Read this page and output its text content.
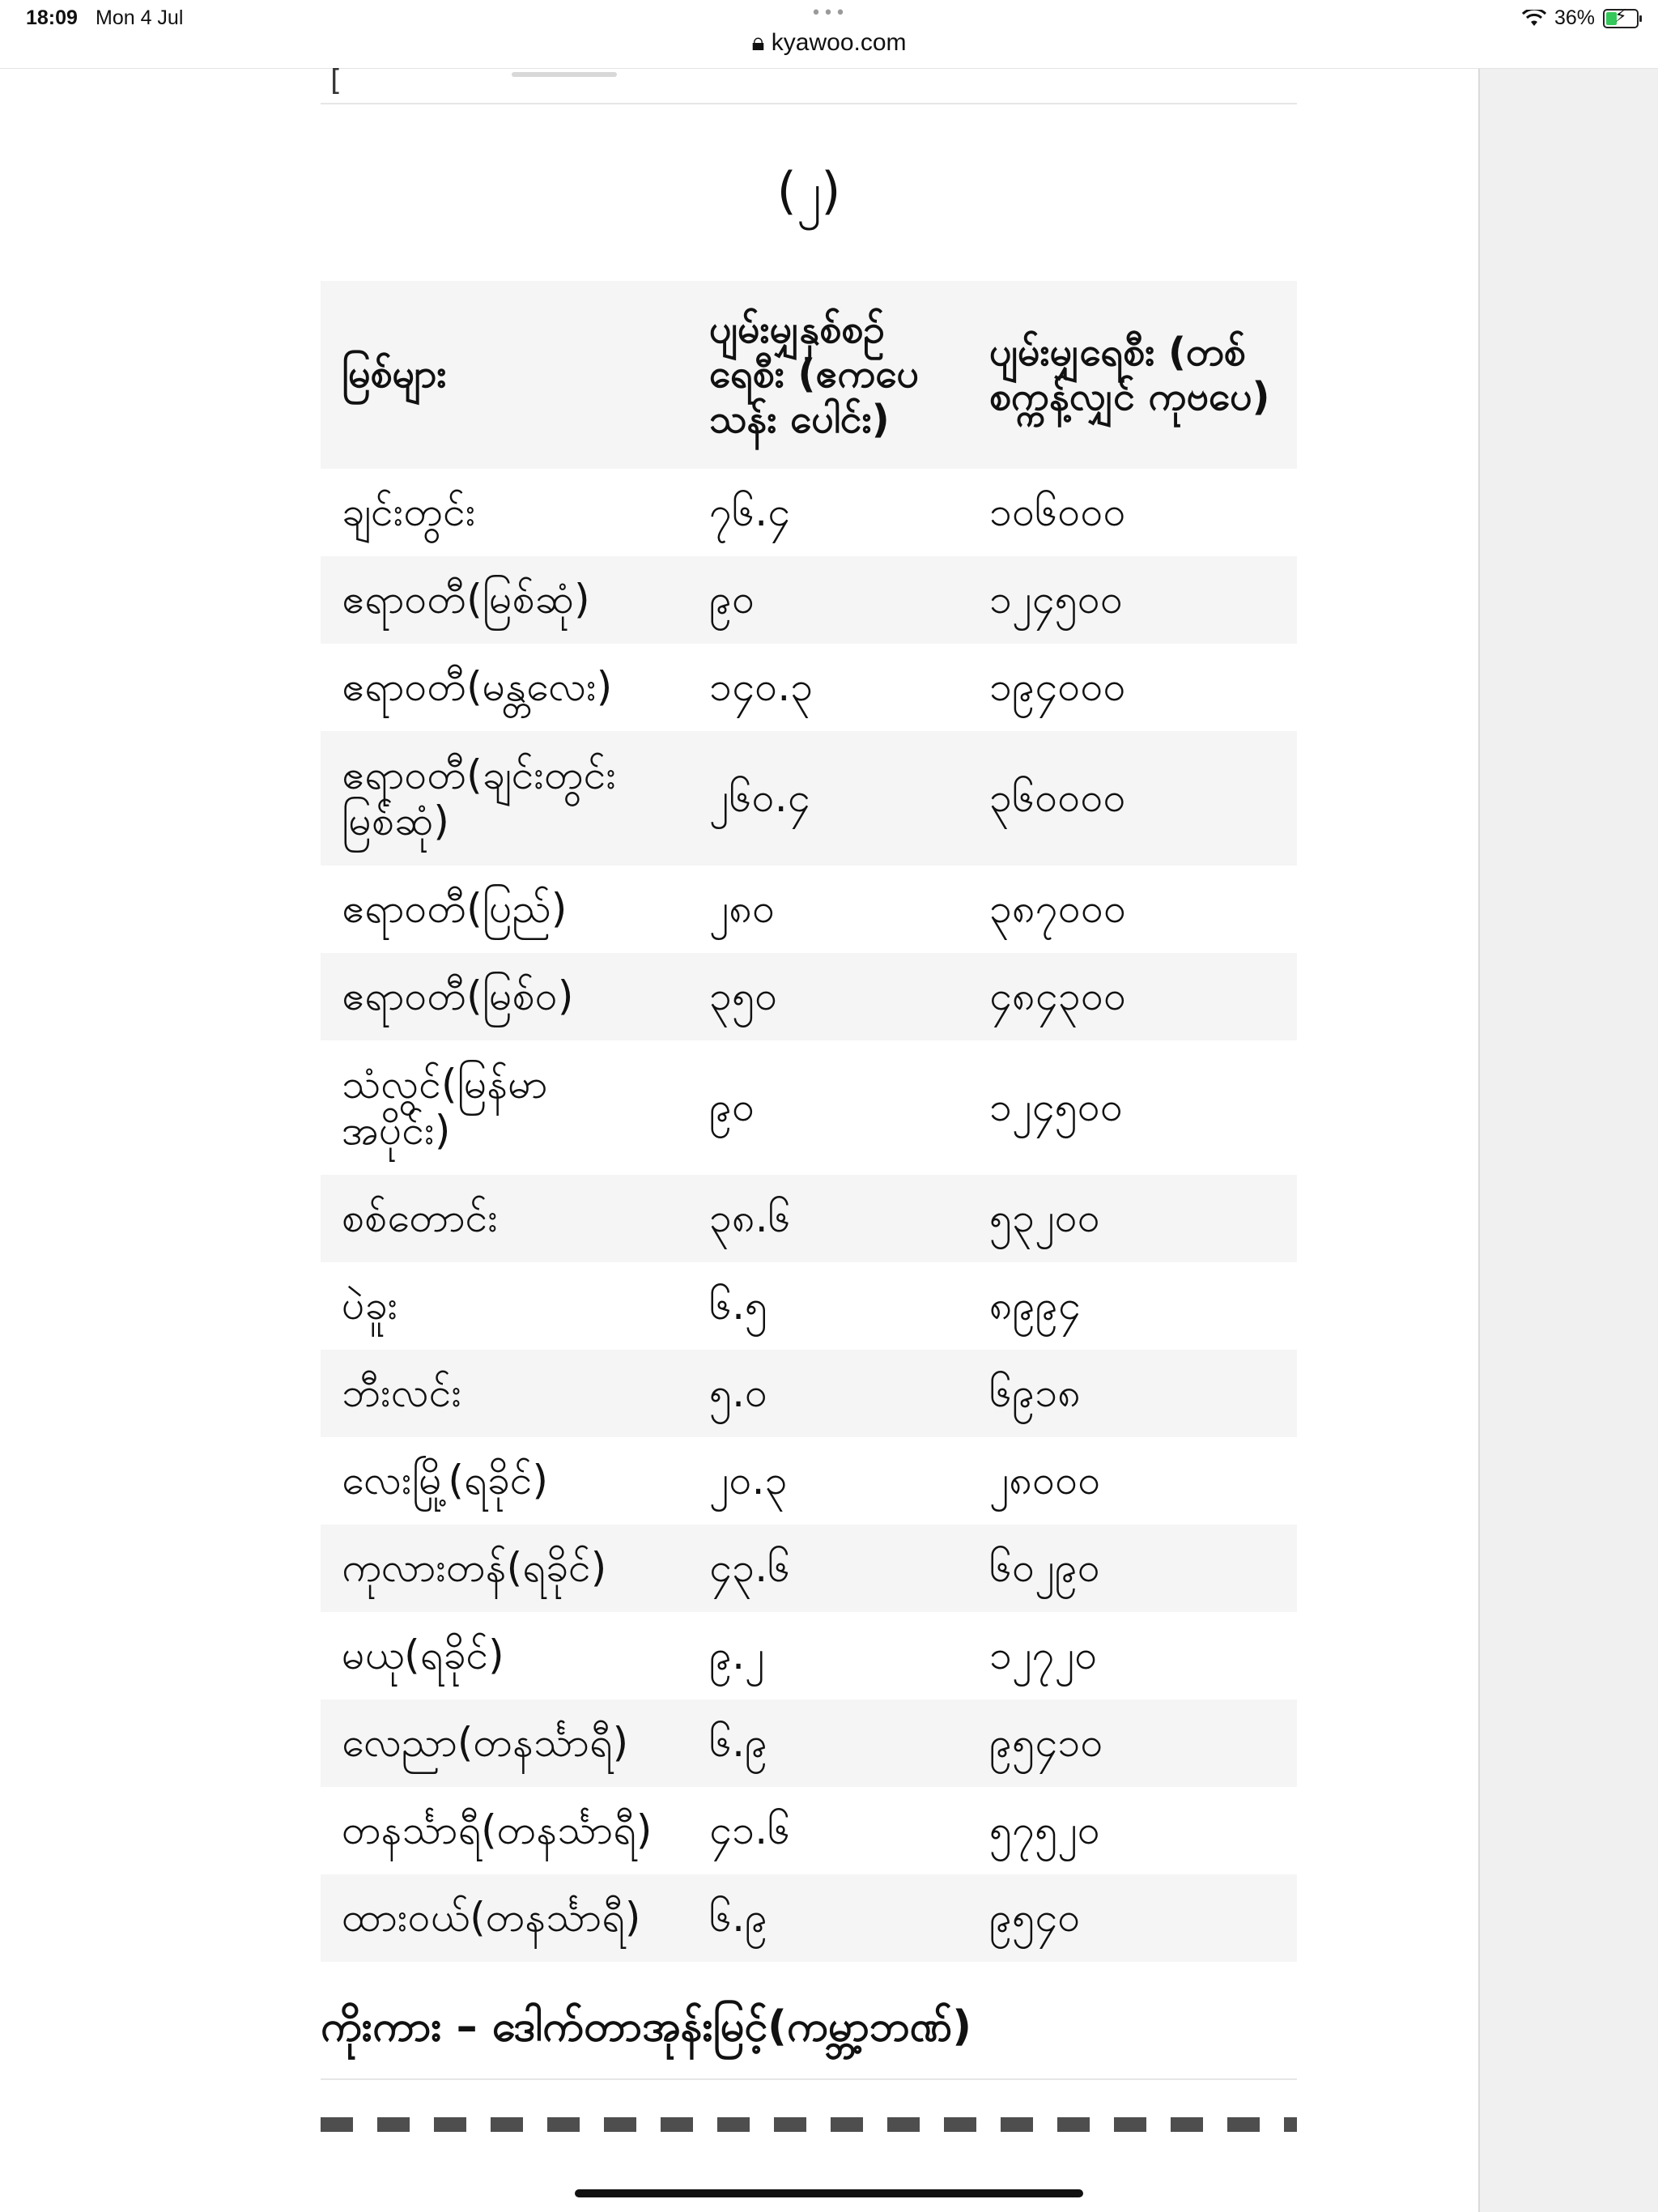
18:09 Mon 4 Jul	•••
🔒︎ kyawoo.com
36%	⚡︎
[
(၂)
မြစ်များ	ပျမ်းမျှနှစ်စဉ် ရေစီး (ဧကပေသန်း ပေါင်း)	ပျမ်းမျှရေစီး (တစ်စက္ကန့်လျှင် ကုဗပေ)
ချင်းတွင်း	၇၆.၄	၁၀၆၀၀၀
ဧရာဝတီ(မြစ်ဆုံ)	၉၀	၁၂၄၅၀၀
ဧရာဝတီ(မန္တလေး)	၁၄၀.၃	၁၉၄၀၀၀
ဧရာဝတီ(ချင်းတွင်း မြစ်ဆုံ)	၂၆၀.၄	၃၆၀၀၀၀
ဧရာဝတီ(ပြည်)	၂၈၀	၃၈၇၀၀၀
ဧရာဝတီ(မြစ်ဝ)	၃၅၀	၄၈၄၃၀၀
သံလွင်(မြန်မာ အပိုင်း)	၉၀	၁၂၄၅၀၀
စစ်တောင်း	၃၈.၆	၅၃၂၀၀
ပဲခူး	၆.၅	၈၉၉၄
ဘီးလင်း	၅.၀	၆၉၁၈
လေးမြို့(ရခိုင်)	၂၀.၃	၂၈၀၀၀
ကုလားတန်(ရခိုင်)	၄၃.၆	၆၀၂၉၀
မယု(ရခိုင်)	၉.၂	၁၂၇၂၀
လေညာ(တနင်္သာရီ)	၆.၉	၉၅၄၁၀
တနင်္သာရီ(တနင်္သာရီ)	၄၁.၆	၅၇၅၂၀
ထားဝယ်(တနင်္သာရီ)	၆.၉	၉၅၄၀
ကိုးကား – ဒေါက်တာအုန်းမြင့်(ကမ္ဘာ့ဘဏ်)
